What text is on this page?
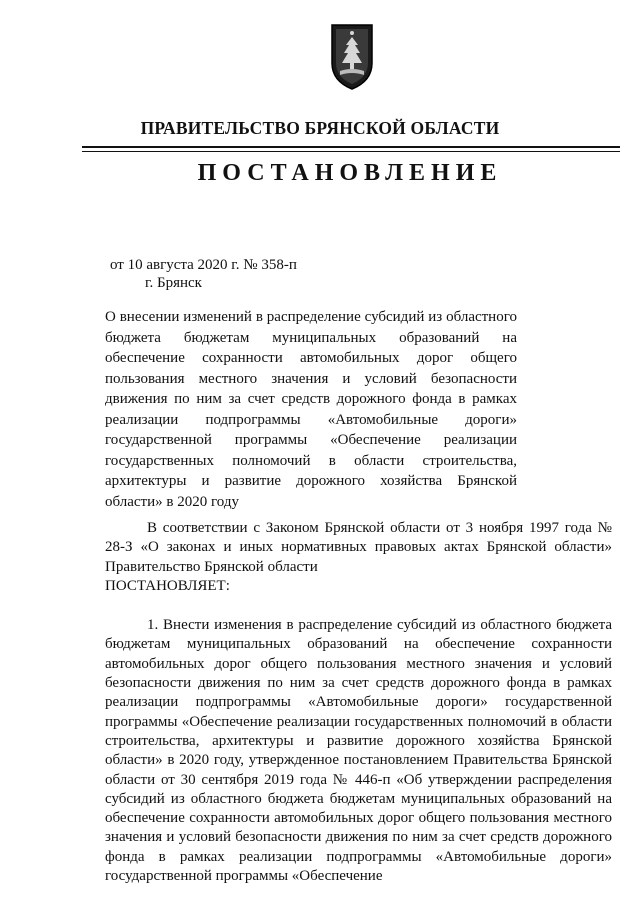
ПРАВИТЕЛЬСТВО БРЯНСКОЙ ОБЛАСТИ
ПОСТАНОВЛЕНИЕ
от 10 августа 2020 г. № 358-п
г. Брянск
О внесении изменений в распределение субсидий из областного бюджета бюджетам муниципальных образований на обеспечение сохранности автомобильных дорог общего пользования местного значения и условий безопасности движения по ним за счет средств дорожного фонда в рамках реализации подпрограммы «Автомобильные дороги» государственной программы «Обеспечение реализации государственных полномочий в области строительства, архитектуры и развитие дорожного хозяйства Брянской области» в 2020 году

В соответствии с Законом Брянской области от 3 ноября 1997 года № 28-З «О законах и иных нормативных правовых актах Брянской области» Правительство Брянской области

ПОСТАНОВЛЯЕТ:

1. Внести изменения в распределение субсидий из областного бюджета бюджетам муниципальных образований на обеспечение сохранности автомобильных дорог общего пользования местного значения и условий безопасности движения по ним за счет средств дорожного фонда в рамках реализации подпрограммы «Автомобильные дороги» государственной программы «Обеспечение реализации государственных полномочий в области строительства, архитектуры и развитие дорожного хозяйства Брянской области» в 2020 году, утвержденное постановлением Правительства Брянской области от 30 сентября 2019 года № 446-п «Об утверждении распределения субсидий из областного бюджета бюджетам муниципальных образований на обеспечение сохранности автомобильных дорог общего пользования местного значения и условий безопасности движения по ним за счет средств дорожного фонда в рамках реализации подпрограммы «Автомобильные дороги» государственной программы «Обеспечение
